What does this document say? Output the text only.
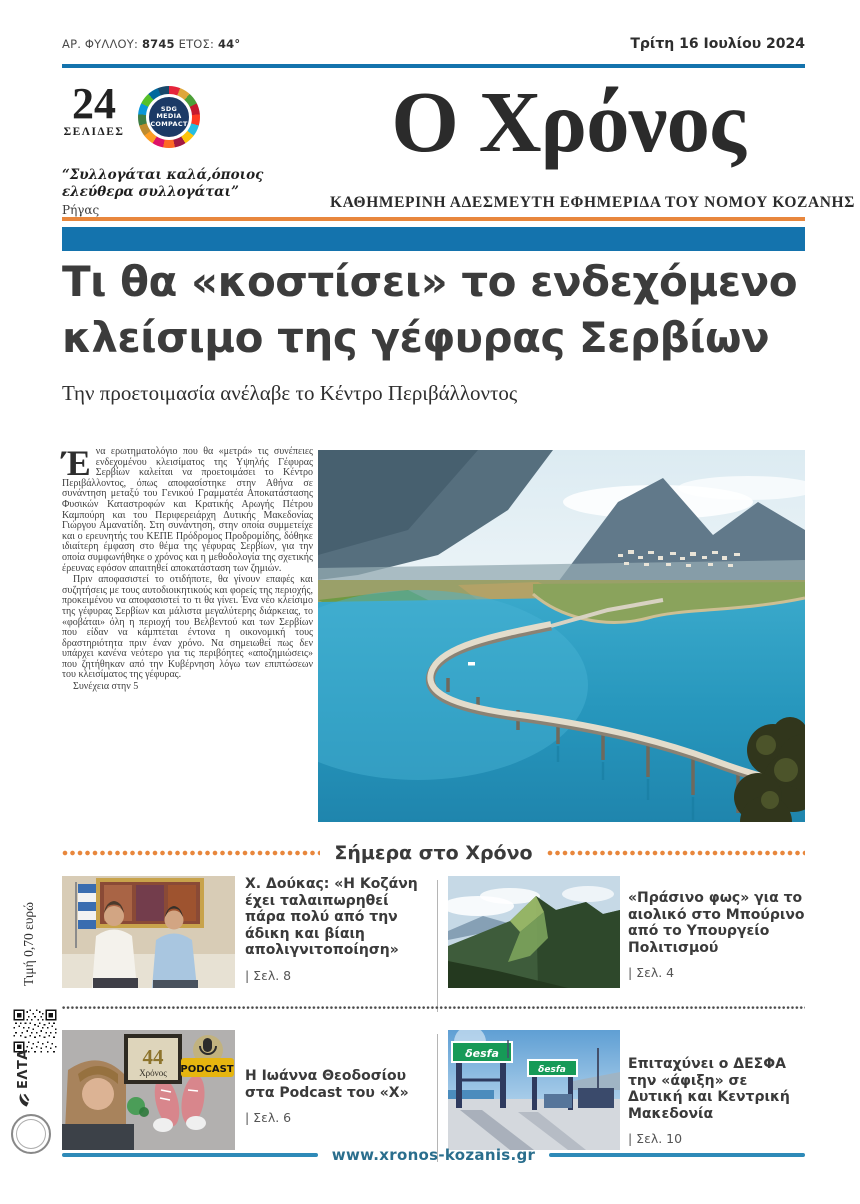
ΑΡ. ΦΥΛΛΟΥ: 8745 ΕΤΟΣ: 44°	Τρίτη 16 Ιουλίου 2024
24
ΣΕΛΙΔΕΣ
SDG
MEDIA
COMPACT
“Συλλογάται καλά,όποιος
ελεύθερα συλλογάται”
Ρήγας
Ο Χρόνος
ΚΑΘΗΜΕΡΙΝΗ ΑΔΕΣΜΕΥΤΗ ΕΦΗΜΕΡΙΔΑ ΤΟΥ ΝΟΜΟΥ ΚΟΖΑΝΗΣ
Τι θα «κοστίσει» το ενδεχόμενο κλείσιμο της γέφυρας Σερβίων
Την προετοιμασία ανέλαβε το Κέντρο Περιβάλλοντος

Ένα ερωτηματολόγιο που θα «μετρά» τις συνέπειες ενδεχομένου κλεισίματος της Υψηλής Γέφυρας Σερβίων καλείται να προετοιμάσει το Κέντρο Περιβάλλοντος, όπως αποφασίστηκε στην Αθήνα σε συνάντηση μεταξύ του Γενικού Γραμματέα Αποκατάστασης Φυσικών Καταστροφών και Κρατικής Αρωγής Πέτρου Καμπούρη και του Περιφερειάρχη Δυτικής Μακεδονίας Γιώργου Αμανατίδη. Στη συνάντηση, στην οποία συμμετείχε και ο ερευνητής του ΚΕΠΕ Πρόδρομος Προδρομίδης, δόθηκε ιδιαίτερη έμφαση στο θέμα της γέφυρας Σερβίων, για την οποία συμφωνήθηκε ο χρόνος και η μεθοδολογία της σχετικής έρευνας εφόσον απαιτηθεί αποκατάσταση των ζημιών.

Πριν αποφασιστεί το οτιδήποτε, θα γίνουν επαφές και συζητήσεις με τους αυτοδιοικητικούς και φορείς της περιοχής, προκειμένου να αποφασιστεί το τι θα γίνει. Ένα νέο κλείσιμο της γέφυρας Σερβίων και μάλιστα μεγαλύτερης διάρκειας, το «φοβάται» όλη η περιοχή του Βελβεντού και των Σερβίων που είδαν να κάμπτεται έντονα η οικονομική τους δραστηριότητα πριν έναν χρόνο. Να σημειωθεί πως δεν υπάρχει κανένα νεότερο για τις περιβόητες «αποζημιώσεις» που ζητήθηκαν από την Κυβέρνηση λόγω των επιπτώσεων του κλεισίματος της γέφυρας.

Συνέχεια στην 5

Σήμερα στο Χρόνο
Χ. Δούκας: «Η Κοζάνη έχει ταλαιπωρηθεί πάρα πολύ από την άδικη και βίαιη απολιγνιτοποίηση»
| Σελ. 8
«Πράσινο φως» για το αιολικό στο Μπούρινο από το Υπουργείο Πολιτισμού
| Σελ. 4
44
Χρόνος PODCAST Η Ιωάννα Θεοδοσίου στα Podcast του «Χ»
| Σελ. 6
δesfa
δesfa	Επιταχύνει ο ΔΕΣΦΑ την «άφιξη» σε Δυτική και Κεντρική Μακεδονία
| Σελ. 10
www.xronos-kozanis.gr
Τιμή 0,70 ευρώ
ΕΛΤΑ
